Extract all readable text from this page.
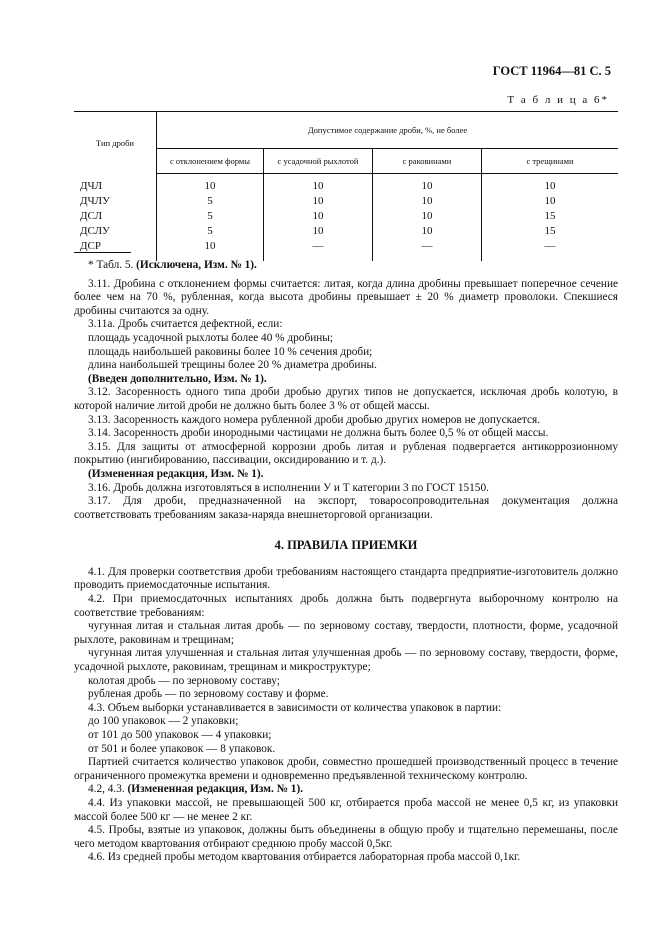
ГОСТ 11964—81 С. 5
Т а б л и ц а 6*
Тип дроби	Допустимое содержание дроби, %, не более			
	с отклонением формы	с усадочной рыхлотой	с раковинами	с трещинами
ДЧЛ	10	10	10	10
ДЧЛУ	5	10	10	10
ДСЛ	5	10	10	15
ДСЛУ	5	10	10	15
ДСР	10	—	—	—

* Табл. 5. (Исключена, Изм. № 1).

3.11. Дробина с отклонением формы считается: литая, когда длина дробины превышает поперечное сечение более чем на 70 %, рубленная, когда высота дробины превышает ± 20 % диаметр проволоки. Спекшиеся дробины считаются за одну.

3.11а. Дробь считается дефектной, если:

площадь усадочной рыхлоты более 40 % дробины;

площадь наибольшей раковины более 10 % сечения дроби;

длина наибольшей трещины более 20 % диаметра дробины.

(Введен дополнительно, Изм. № 1).

3.12. Засоренность одного типа дроби дробью других типов не допускается, исключая дробь колотую, в которой наличие литой дроби не должно быть более 3 % от общей массы.

3.13. Засоренность каждого номера рубленной дроби дробью других номеров не допускается.

3.14. Засоренность дроби инородными частицами не должна быть более 0,5 % от общей массы.

3.15. Для защиты от атмосферной коррозии дробь литая и рубленая подвергается антикоррозионному покрытию (ингибированию, пассивации, оксидированию и т. д.).

(Измененная редакция, Изм. № 1).

3.16. Дробь должна изготовляться в исполнении У и Т категории 3 по ГОСТ 15150.

3.17. Для дроби, предназначенной на экспорт, товаросопроводительная документация должна соответствовать требованиям заказа-наряда внешнеторговой организации.

4. ПРАВИЛА ПРИЕМКИ

4.1. Для проверки соответствия дроби требованиям настоящего стандарта предприятие-изготовитель должно проводить приемосдаточные испытания.

4.2. При приемосдаточных испытаниях дробь должна быть подвергнута выборочному контролю на соответствие требованиям:

чугунная литая и стальная литая дробь — по зерновому составу, твердости, плотности, форме, усадочной рыхлоте, раковинам и трещинам;

чугунная литая улучшенная и стальная литая улучшенная дробь — по зерновому составу, твердости, форме, усадочной рыхлоте, раковинам, трещинам и микроструктуре;

колотая дробь — по зерновому составу;

рубленая дробь — по зерновому составу и форме.

4.3. Объем выборки устанавливается в зависимости от количества упаковок в партии:

до 100 упаковок — 2 упаковки;

от 101 до 500 упаковок — 4 упаковки;

от 501 и более упаковок — 8 упаковок.

Партией считается количество упаковок дроби, совместно прошедшей производственный процесс в течение ограниченного промежутка времени и одновременно предъявленной техническому контролю.

4.2, 4.3. (Измененная редакция, Изм. № 1).

4.4. Из упаковки массой, не превышающей 500 кг, отбирается проба массой не менее 0,5 кг, из упаковки массой более 500 кг — не менее 2 кг.

4.5. Пробы, взятые из упаковок, должны быть объединены в общую пробу и тщательно перемешаны, после чего методом квартования отбирают среднюю пробу массой 0,5кг.

4.6. Из средней пробы методом квартования отбирается лабораторная проба массой 0,1кг.
